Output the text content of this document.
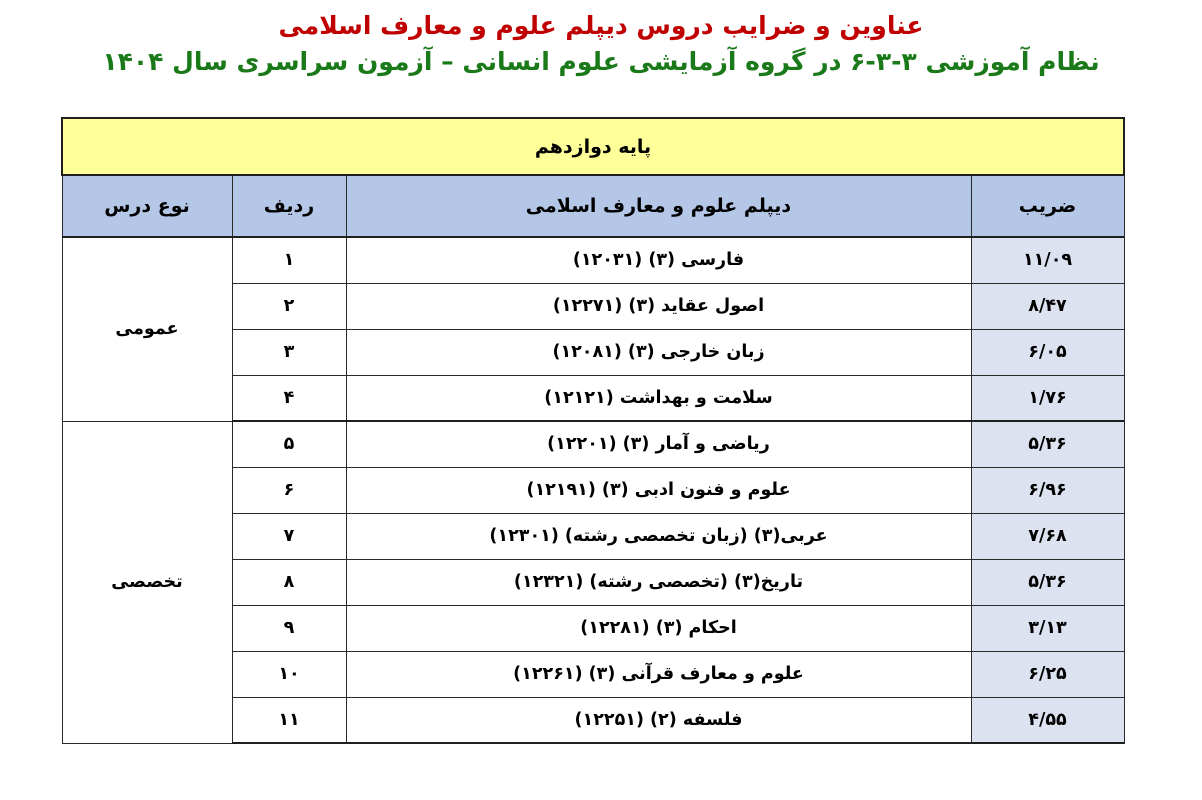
عناوین و ضرایب دروس دیپلم علوم و معارف اسلامی
نظام آموزشی ۳-۳-۶ در گروه آزمایشی علوم انسانی – آزمون سراسری سال ۱۴۰۴
پایه دوازدهم			
ضریب	دیپلم علوم و معارف اسلامی	ردیف	نوع درس
۱۱/۰۹	فارسی (۳) (۱۲۰۳۱)	۱	عمومی
۸/۴۷	اصول عقاید (۳) (۱۲۲۷۱)	۲	
۶/۰۵	زبان خارجی (۳) (۱۲۰۸۱)	۳	
۱/۷۶	سلامت و بهداشت (۱۲۱۲۱)	۴	
۵/۳۶	ریاضی و آمار (۳) (۱۲۲۰۱)	۵	تخصصی
۶/۹۶	علوم و فنون ادبی (۳) (۱۲۱۹۱)	۶	
۷/۶۸	عربی(۳) (زبان تخصصی رشته) (۱۲۳۰۱)	۷	
۵/۳۶	تاریخ(۳) (تخصصی رشته) (۱۲۳۲۱)	۸	
۳/۱۳	احکام (۳) (۱۲۲۸۱)	۹	
۶/۲۵	علوم و معارف قرآنی (۳) (۱۲۲۶۱)	۱۰	
۴/۵۵	فلسفه (۲) (۱۲۲۵۱)	۱۱	
